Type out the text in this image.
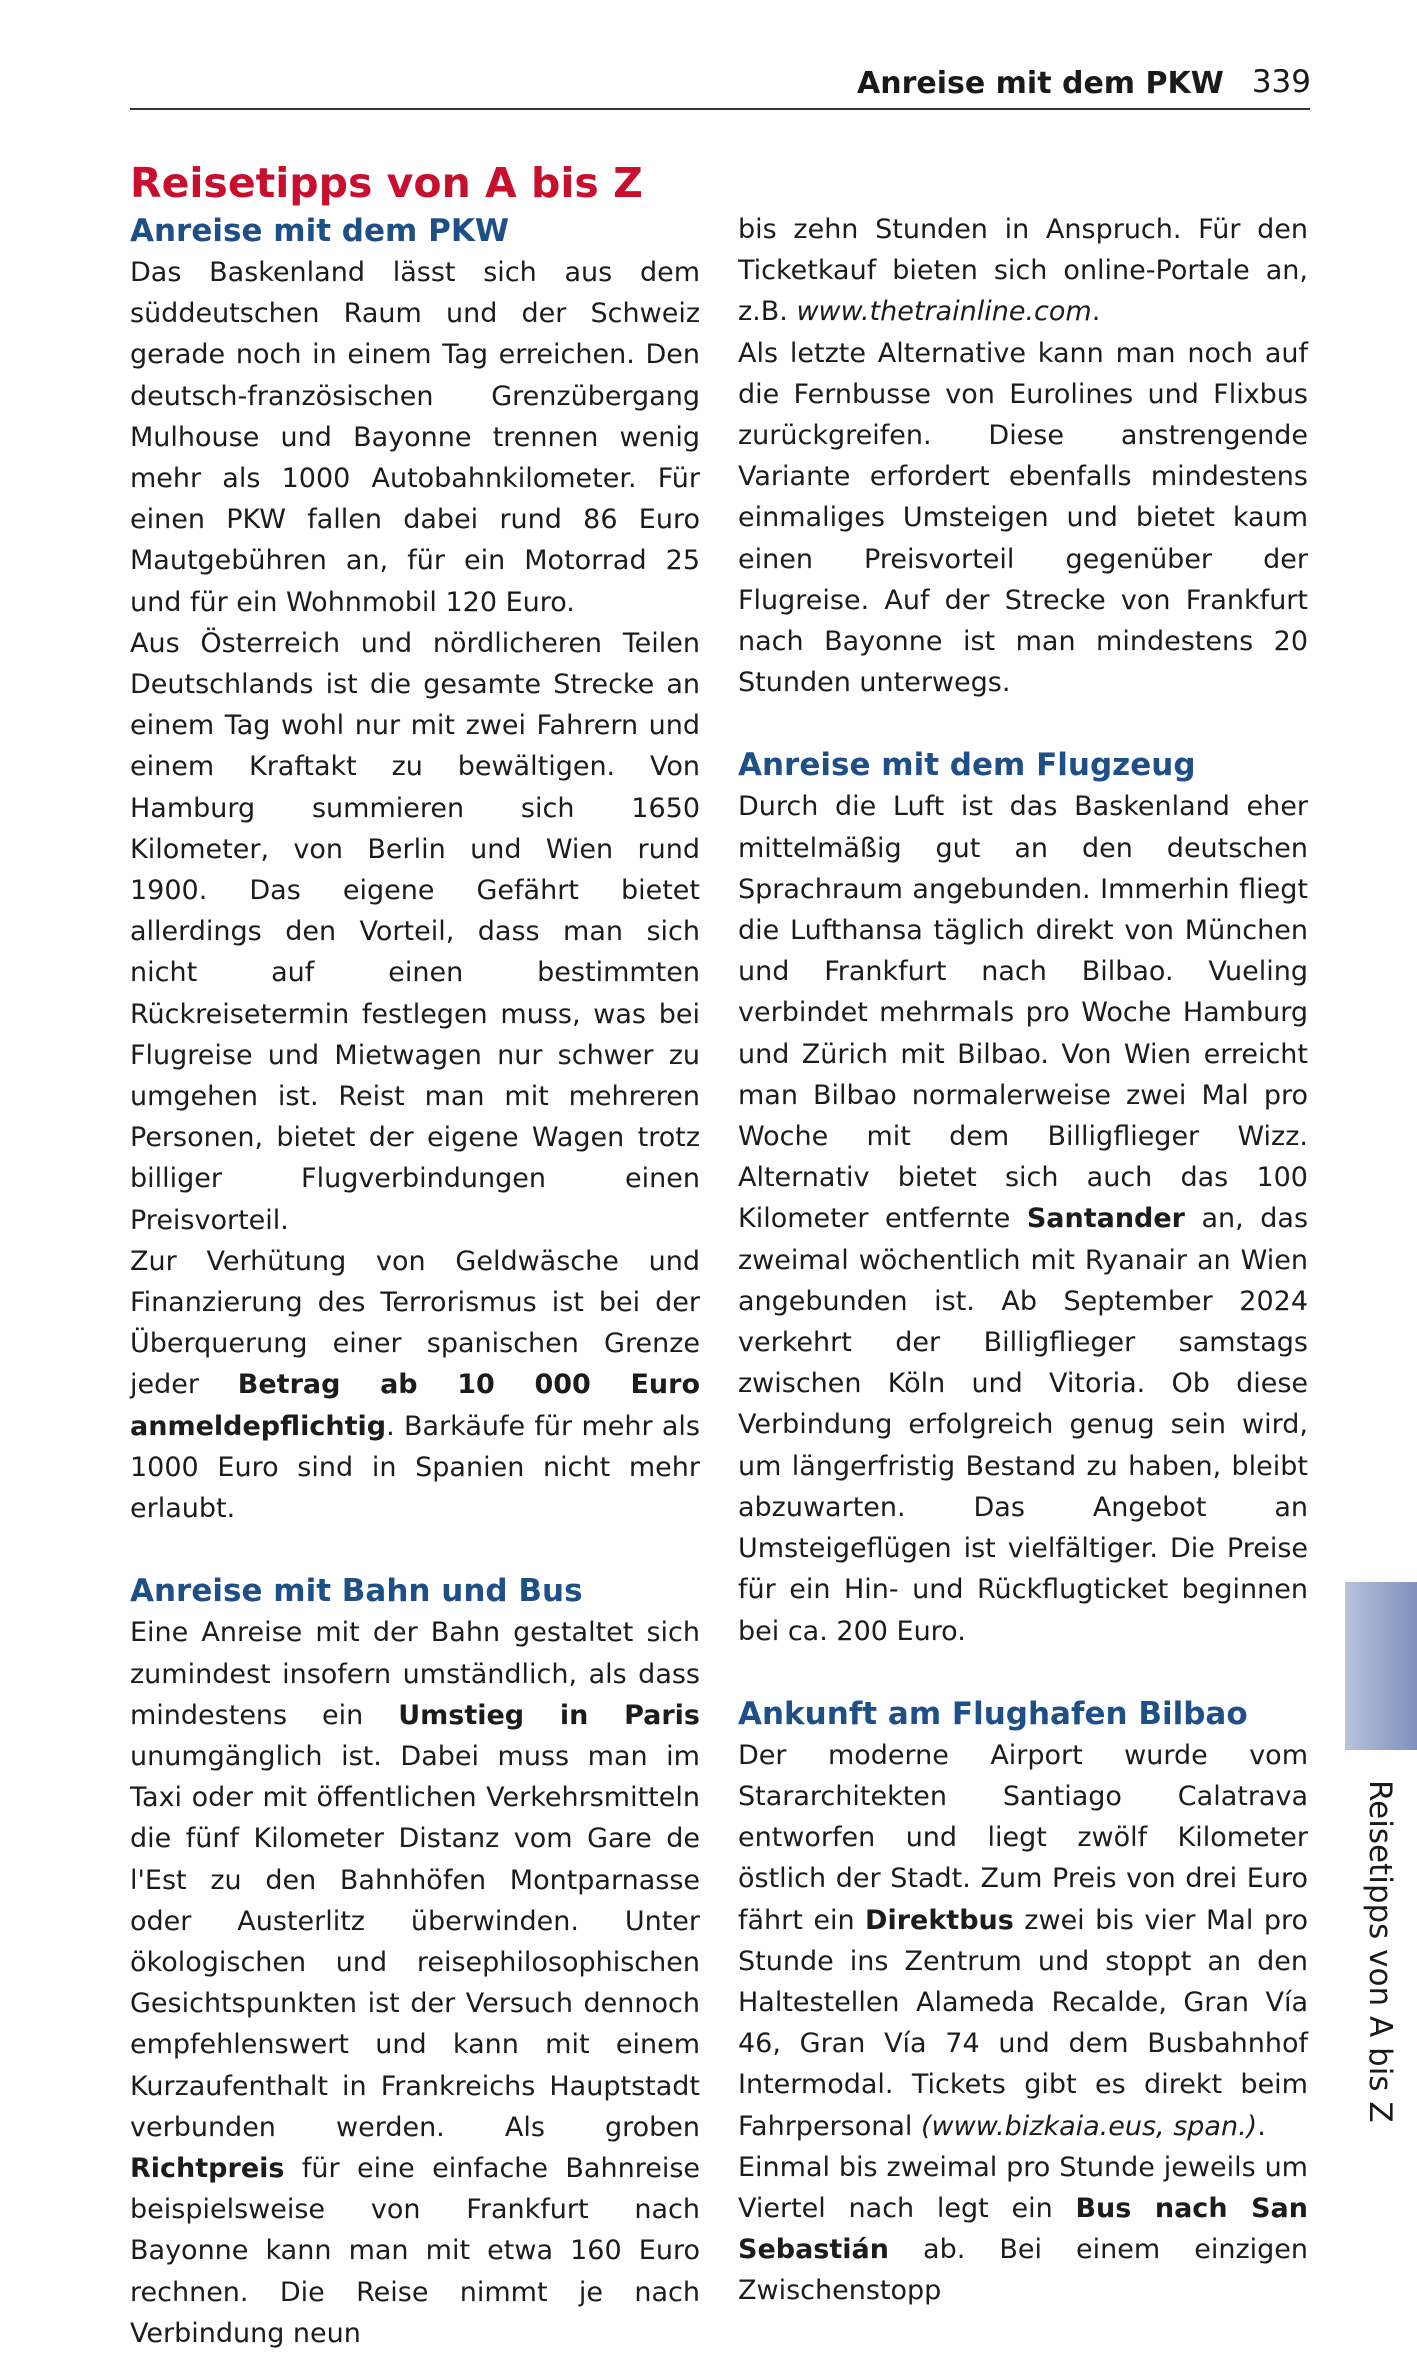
Anreise mit dem PKW 339
Reisetipps von A bis Z
Anreise mit dem PKW

Das Baskenland lässt sich aus dem süddeutschen Raum und der Schweiz gerade noch in einem Tag erreichen. Den deutsch-französischen Grenzübergang Mulhouse und Bayonne trennen wenig mehr als 1000 Autobahnkilometer. Für einen PKW fallen dabei rund 86 Euro Mautgebühren an, für ein Motorrad 25 und für ein Wohnmobil 120 Euro.

Aus Österreich und nördlicheren Teilen Deutschlands ist die gesamte Strecke an einem Tag wohl nur mit zwei Fahrern und einem Kraftakt zu bewältigen. Von Hamburg summieren sich 1650 Kilometer, von Berlin und Wien rund 1900. Das eigene Gefährt bietet allerdings den Vorteil, dass man sich nicht auf einen bestimmten Rückreisetermin festlegen muss, was bei Flugreise und Mietwagen nur schwer zu umgehen ist. Reist man mit mehreren Personen, bietet der eigene Wagen trotz billiger Flugverbindungen einen Preisvorteil.

Zur Verhütung von Geldwäsche und Finanzierung des Terrorismus ist bei der Überquerung einer spanischen Grenze jeder Betrag ab 10 000 Euro anmeldepflichtig. Barkäufe für mehr als 1000 Euro sind in Spanien nicht mehr erlaubt.

Anreise mit Bahn und Bus

Eine Anreise mit der Bahn gestaltet sich zumindest insofern umständlich, als dass mindestens ein Umstieg in Paris unumgänglich ist. Dabei muss man im Taxi oder mit öffentlichen Verkehrsmitteln die fünf Kilometer Distanz vom Gare de l'Est zu den Bahnhöfen Montparnasse oder Austerlitz überwinden. Unter ökologischen und reisephilosophischen Gesichtspunkten ist der Versuch dennoch empfehlenswert und kann mit einem Kurzaufenthalt in Frankreichs Hauptstadt verbunden werden. Als groben Richtpreis für eine einfache Bahnreise beispielsweise von Frankfurt nach Bayonne kann man mit etwa 160 Euro rechnen. Die Reise nimmt je nach Verbindung neun

bis zehn Stunden in Anspruch. Für den Ticketkauf bieten sich online-Portale an, z.B. www.thetrainline.com.

Als letzte Alternative kann man noch auf die Fernbusse von Eurolines und Flixbus zurückgreifen. Diese anstrengende Variante erfordert ebenfalls mindestens einmaliges Umsteigen und bietet kaum einen Preisvorteil gegenüber der Flugreise. Auf der Strecke von Frankfurt nach Bayonne ist man mindestens 20 Stunden unterwegs.

Anreise mit dem Flugzeug

Durch die Luft ist das Baskenland eher mittelmäßig gut an den deutschen Sprachraum angebunden. Immerhin fliegt die Lufthansa täglich direkt von München und Frankfurt nach Bilbao. Vueling verbindet mehrmals pro Woche Hamburg und Zürich mit Bilbao. Von Wien erreicht man Bilbao normalerweise zwei Mal pro Woche mit dem Billigflieger Wizz. Alternativ bietet sich auch das 100 Kilometer entfernte Santander an, das zweimal wöchentlich mit Ryanair an Wien angebunden ist. Ab September 2024 verkehrt der Billigflieger samstags zwischen Köln und Vitoria. Ob diese Verbindung erfolgreich genug sein wird, um längerfristig Bestand zu haben, bleibt abzuwarten. Das Angebot an Umsteigeflügen ist vielfältiger. Die Preise für ein Hin- und Rückflugticket beginnen bei ca. 200 Euro.

Ankunft am Flughafen Bilbao

Der moderne Airport wurde vom Stararchitekten Santiago Calatrava entworfen und liegt zwölf Kilometer östlich der Stadt. Zum Preis von drei Euro fährt ein Direktbus zwei bis vier Mal pro Stunde ins Zentrum und stoppt an den Haltestellen Alameda Recalde, Gran Vía 46, Gran Vía 74 und dem Busbahnhof Intermodal. Tickets gibt es direkt beim Fahrpersonal (www.bizkaia.eus, span.).

Einmal bis zweimal pro Stunde jeweils um Viertel nach legt ein Bus nach San Sebastián ab. Bei einem einzigen Zwischenstopp

Reisetipps von A bis Z
